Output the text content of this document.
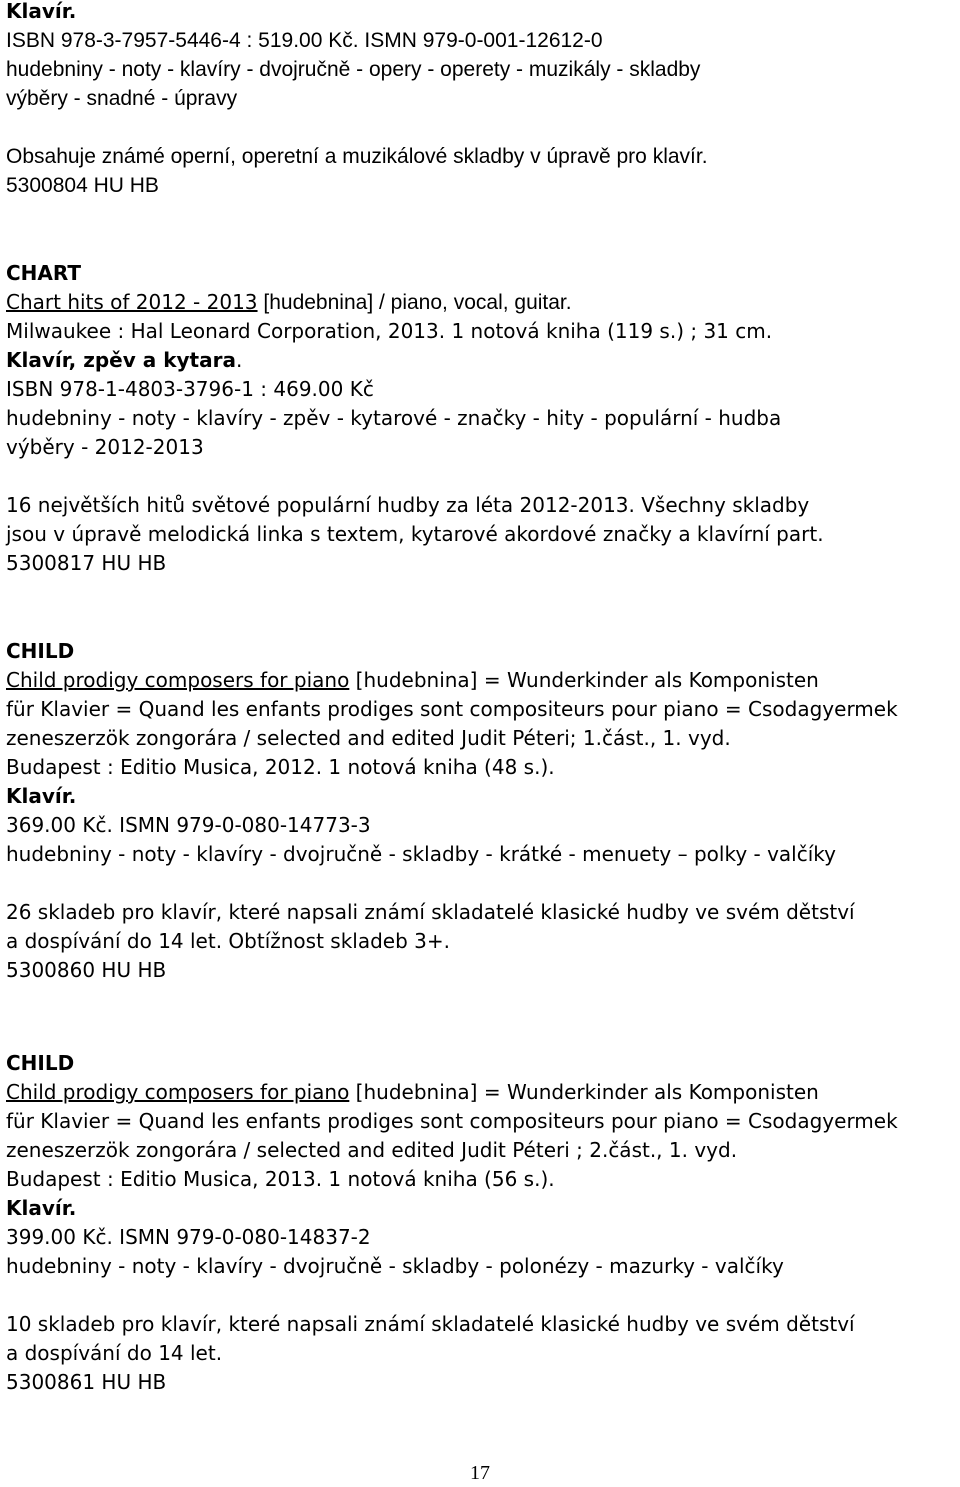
Klavír.
ISBN 978-3-7957-5446-4 : 519.00 Kč. ISMN 979-0-001-12612-0
hudebniny - noty - klavíry - dvojručně - opery - operety - muzikály - skladby
výběry - snadné - úpravy
Obsahuje známé operní, operetní a muzikálové skladby v úpravě pro klavír.
5300804 HU HB
CHART
Chart hits of 2012 - 2013 [hudebnina] / piano, vocal, guitar.
Milwaukee : Hal Leonard Corporation, 2013. 1 notová kniha (119 s.) ; 31 cm.
Klavír, zpěv a kytara.
ISBN 978-1-4803-3796-1 : 469.00 Kč
hudebniny - noty - klavíry - zpěv - kytarové - značky - hity - populární - hudba
výběry - 2012-2013
16 největších hitů světové populární hudby za léta 2012-2013. Všechny skladby
jsou v úpravě melodická linka s textem, kytarové akordové značky a klavírní part.
5300817 HU HB
CHILD
Child prodigy composers for piano [hudebnina] = Wunderkinder als Komponisten
für Klavier = Quand les enfants prodiges sont compositeurs pour piano = Csodagyermek
zeneszerzök zongorára / selected and edited Judit Péteri; 1.část., 1. vyd.
Budapest : Editio Musica, 2012. 1 notová kniha (48 s.).
Klavír.
369.00 Kč. ISMN 979-0-080-14773-3
hudebniny - noty - klavíry - dvojručně - skladby - krátké - menuety – polky - valčíky
26 skladeb pro klavír, které napsali známí skladatelé klasické hudby ve svém dětství
a dospívání do 14 let. Obtížnost skladeb 3+.
5300860 HU HB
CHILD
Child prodigy composers for piano [hudebnina] = Wunderkinder als Komponisten
für Klavier = Quand les enfants prodiges sont compositeurs pour piano = Csodagyermek
zeneszerzök zongorára / selected and edited Judit Péteri ; 2.část., 1. vyd.
Budapest : Editio Musica, 2013. 1 notová kniha (56 s.).
Klavír.
399.00 Kč. ISMN 979-0-080-14837-2
hudebniny - noty - klavíry - dvojručně - skladby - polonézy - mazurky - valčíky
10 skladeb pro klavír, které napsali známí skladatelé klasické hudby ve svém dětství
a dospívání do 14 let.
5300861 HU HB
17
